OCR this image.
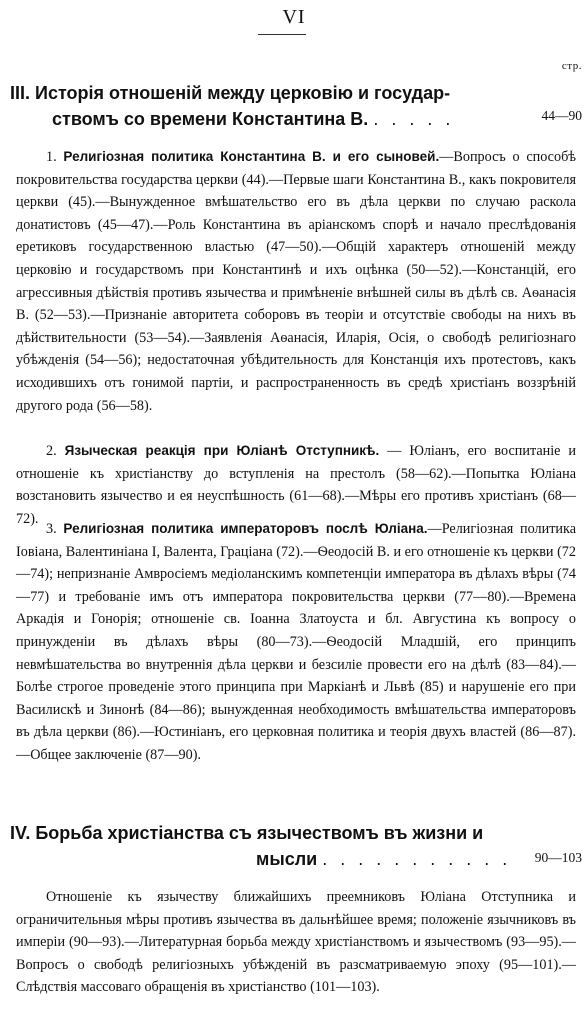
VI
стр.
III. Исторія отношеній между церковію и государ-
ствомъ со времени Константина В. . . . . .	44—90

1. Религіозная политика Константина В. и его сыновей.—Вопросъ о способѣ покровительства государства церкви (44).—Первые шаги Константина В., какъ покровителя церкви (45).—Вынужденное вмѣшательство его въ дѣла церкви по случаю раскола донатистовъ (45—47).—Роль Константина въ аріанскомъ спорѣ и начало преслѣдованія еретиковъ государственною властью (47—50).—Общій характеръ отношеній между церковію и государствомъ при Константинѣ и ихъ оцѣнка (50—52).—Констанцій, его агрессивныя дѣйствія противъ язычества и примѣненіе внѣшней силы въ дѣлѣ св. Аѳанасія В. (52—53).—Признаніе авторитета соборовъ въ теоріи и отсутствіе свободы на нихъ въ дѣйствительности (53—54).—Заявленія Аѳанасія, Иларія, Осія, о свободѣ религіознаго убѣжденія (54—56); недостаточная убѣдительность для Констанція ихъ протестовъ, какъ исходившихъ отъ гонимой партіи, и распространенность въ средѣ христіанъ воззрѣній другого рода (56—58).

2. Языческая реакція при Юліанѣ Отступникѣ. — Юліанъ, его воспитаніе и отношеніе къ христіанству до вступленія на престолъ (58—62).—Попытка Юліана возстановить язычество и ея неуспѣшность (61—68).—Мѣры его противъ христіанъ (68—72).

3. Религіозная политика императоровъ послѣ Юліана.—Религіозная политика Іовіана, Валентиніана I, Валента, Граціана (72).—Ѳеодосій В. и его отношеніе къ церкви (72—74); непризнаніе Амвросіемъ медіоланскимъ компетенціи императора въ дѣлахъ вѣры (74—77) и требованіе имъ отъ императора покровительства церкви (77—80).—Времена Аркадія и Гонорія; отношеніе св. Іоанна Златоуста и бл. Августина къ вопросу о принужденіи въ дѣлахъ вѣры (80—73).—Ѳеодосій Младшій, его принципъ невмѣшательства во внутреннія дѣла церкви и безсиліе провести его на дѣлѣ (83—84).—Болѣе строгое проведеніе этого принципа при Маркіанѣ и Львѣ (85) и нарушеніе его при Василискѣ и Зинонѣ (84—86); вынужденная необходимость вмѣшательства императоровъ въ дѣла церкви (86).—Юстиніанъ, его церковная политика и теорія двухъ властей (86—87).—Общее заключеніе (87—90).

IV. Борьба христіанства съ язычествомъ въ жизни и
мысли . . . . . . . . . . . 90—103

Отношеніе къ язычеству ближайшихъ преемниковъ Юліана Отступника и ограничительныя мѣры противъ язычества въ дальнѣйшее время; положеніе язычниковъ въ имперіи (90—93).—Литературная борьба между христіанствомъ и язычествомъ (93—95).—Вопросъ о свободѣ религіозныхъ убѣжденій въ разсматриваемую эпоху (95—101).—Слѣдствія массоваго обращенія въ христіанство (101—103).
